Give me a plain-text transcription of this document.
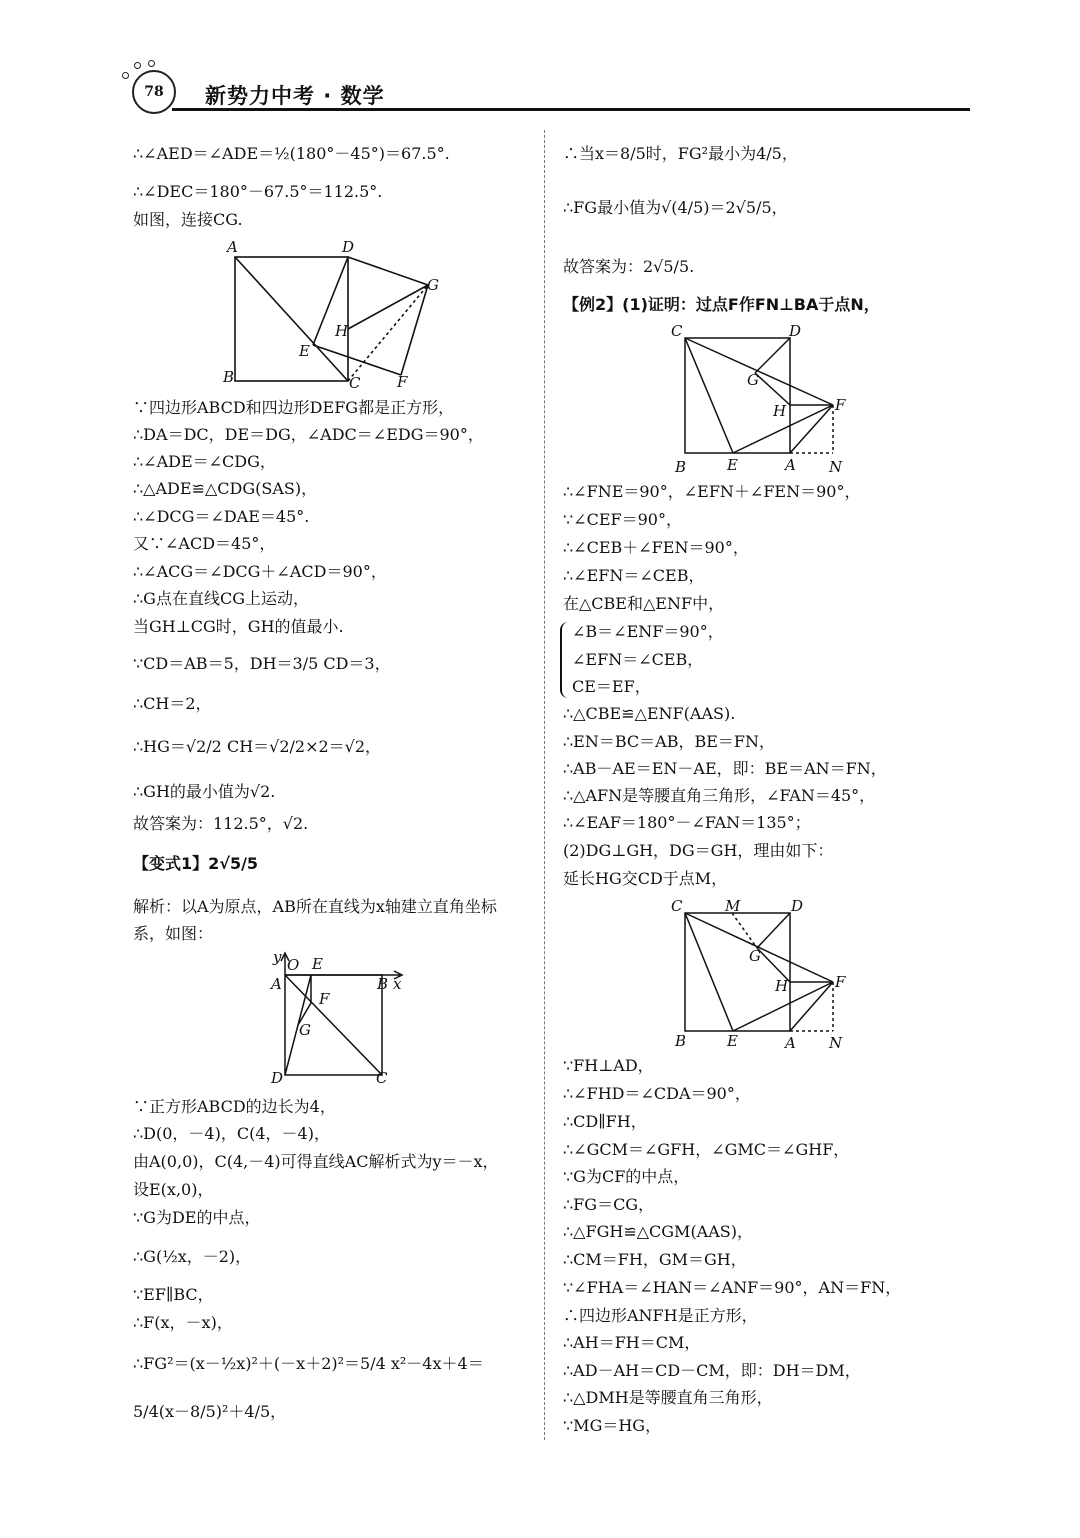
78	新势力中考 · 数学
∴∠AED＝∠ADE＝½(180°－45°)＝67.5°.
∴∠DEC＝180°－67.5°＝112.5°.
如图，连接CG.
∵四边形ABCD和四边形DEFG都是正方形，
∴DA＝DC，DE＝DG，∠ADC＝∠EDG＝90°，
∴∠ADE＝∠CDG，
∴△ADE≌△CDG(SAS)，
∴∠DCG＝∠DAE＝45°.
又∵∠ACD＝45°，
∴∠ACG＝∠DCG＋∠ACD＝90°，
∴G点在直线CG上运动，
当GH⊥CG时，GH的值最小.
∵CD＝AB＝5，DH＝3/5 CD＝3，
∴CH＝2，
∴HG＝√2/2 CH＝√2/2×2＝√2，
∴GH的最小值为√2.
故答案为：112.5°，√2.
【变式1】2√5/5
解析：以A为原点，AB所在直线为x轴建立直角坐标
系，如图：
∵正方形ABCD的边长为4，
∴D(0，－4)，C(4，－4)，
由A(0,0)，C(4,－4)可得直线AC解析式为y＝－x，
设E(x,0)，
∵G为DE的中点，
∴G(½x，－2)，
∵EF∥BC，
∴F(x，－x)，
∴FG²＝(x－½x)²＋(－x＋2)²＝5/4 x²－4x＋4＝
5/4(x－8/5)²＋4/5，
∴当x＝8/5时，FG²最小为4/5，
∴FG最小值为√(4/5)＝2√5/5，
故答案为：2√5/5.
【例2】(1)证明：过点F作FN⊥BA于点N，
∴∠FNE＝90°，∠EFN＋∠FEN＝90°，
∵∠CEF＝90°，
∴∠CEB＋∠FEN＝90°，
∴∠EFN＝∠CEB，
在△CBE和△ENF中，
∠B＝∠ENF＝90°，
∠EFN＝∠CEB，
CE＝EF，
∴△CBE≌△ENF(AAS).
∴EN＝BC＝AB，BE＝FN，
∴AB－AE＝EN－AE，即：BE＝AN＝FN，
∴△AFN是等腰直角三角形，∠FAN＝45°，
∴∠EAF＝180°－∠FAN＝135°；
(2)DG⊥GH，DG＝GH，理由如下：
延长HG交CD于点M，
∵FH⊥AD，
∴∠FHD＝∠CDA＝90°，
∴CD∥FH，
∴∠GCM＝∠GFH，∠GMC＝∠GHF，
∵G为CF的中点，
∴FG＝CG，
∴△FGH≌△CGM(AAS)，
∴CM＝FH，GM＝GH，
∵∠FHA＝∠HAN＝∠ANF＝90°，AN＝FN，
∴四边形ANFH是正方形，
∴AH＝FH＝CM，
∴AD－AH＝CD－CM，即：DH＝DM，
∴△DMH是等腰直角三角形，
∵MG＝HG，
A	D
G
H
E
B	C F
y O E
A	B x
F
G
D	C
C	D
G
H	F
B	E	A N
C	M	D
G
H	F
B	E	A N
